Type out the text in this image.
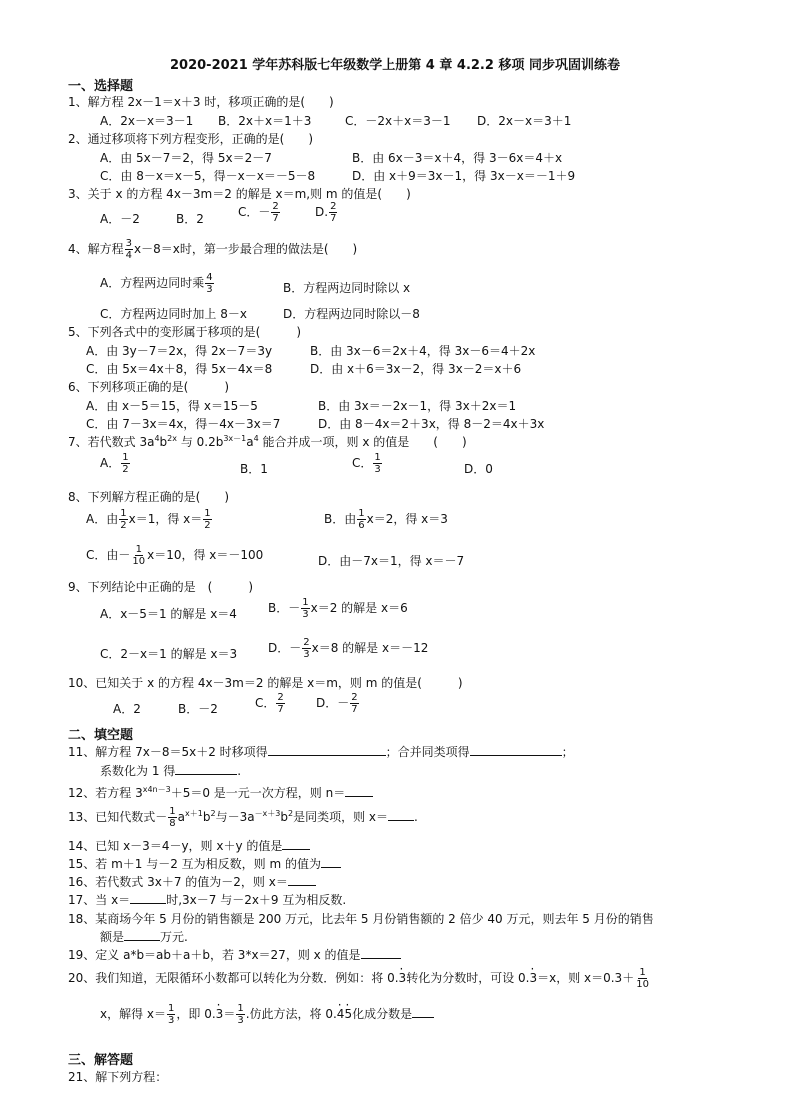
2020-2021 学年苏科版七年级数学上册第 4 章 4.2.2 移项 同步巩固训练卷
一、选择题
1、解方程 2x－1＝x＋3 时，移项正确的是(　　)
A．2x－x＝3－1 B．2x＋x＝1＋3	C．－2x＋x＝3－1 D．2x－x＝3＋1
2、通过移项将下列方程变形，正确的是(　　)
A．由 5x－7＝2，得 5x＝2－7	B．由 6x－3＝x＋4，得 3－6x＝4＋x
C．由 8－x＝x－5，得－x－x＝－5－8	D．由 x＋9＝3x－1，得 3x－x＝－1＋9
3、关于 x 的方程 4x－3m＝2 的解是 x＝m,则 m 的值是(　　)
A．－2	B．2	C．－ $\frac{2}{7}$	D. $\frac{2}{7}$
4、解方程 $\frac{3}{4} x-8=x$时，第一步最合理的做法是(　　)
A．方程两边同时乘 $\frac{4}{3}$	B．方程两边同时除以 x
C．方程两边同时加上 8－x	D．方程两边同时除以－8
5、下列各式中的变形属于移项的是(　　　)
A．由 3y－7＝2x，得 2x－7＝3y	B．由 3x－6＝2x＋4，得 3x－6＝4＋2x
C．由 5x＝4x＋8，得 5x－4x＝8	D．由 x＋6＝3x－2，得 3x－2＝x＋6
6、下列移项正确的是(　　　)
A．由 x－5＝15，得 x＝15－5	B．由 3x＝－2x－1，得 3x＋2x＝1
C．由 7－3x＝4x，得－4x－3x＝7	D．由 8－4x＝2＋3x，得 8－2＝4x＋3x
7、若代数式 $3a^4b^{2x}$ 与 $0.2b^{3x-1}a^4$ 能合并成一项，则 x 的值是　　(　　)
A． $\frac{1}{2}$	B．1	C． $\frac{1}{3}$	D．0
8、下列解方程正确的是(　　)
A．由 $\frac{1}{2} x=1$，得 $x= \frac{1}{2}$	B．由 $\frac{1}{6} x=2$，得 x＝3
C．由－ $\frac{1}{10} x=10$，得 x＝－100	D．由－7x＝1，得 x＝－7
9、下列结论中正确的是　(　　　)
A．x－5＝1 的解是 x＝4	B．－ $\frac{1}{3} x=2$ 的解是 x＝6
C．2－x＝1 的解是 x＝3	D．－ $\frac{2}{3} x=8$ 的解是 x＝－12
10、已知关于 x 的方程 4x－3m＝2 的解是 x＝m，则 m 的值是(　　　)
A．2	B．－2	C． $\frac{2}{7}$	D．－ $\frac{2}{7}$
二、填空题
11、解方程 7x－8＝5x＋2 时移项得	；合并同类项得	；
系数化为 1 得	.
12、若方程 $3^{x4n-3}+5=0$ 是一元一次方程，则 n＝
13、已知代数式－ $\frac{1}{8} a^{x+1}b^2$与$-3a^{-x+3}b^2$是同类项，则 x＝ .
14、已知 x－3＝4－y，则 x＋y 的值是
15、若 m＋1 与－2 互为相反数，则 m 的值为
16、若代数式 3x＋7 的值为－2，则 x＝
17、当 x＝	时,3x－7 与－2x＋9 互为相反数.
18、某商场今年 5 月份的销售额是 200 万元，比去年 5 月份销售额的 2 倍少 40 万元，则去年 5 月份的销售
额是	万元.
19、定义 a*b＝ab＋a＋b，若 3*x＝27，则 x 的值是
20、我们知道，无限循环小数都可以转化为分数．例如：将 0.· 3转化为分数时，可设 0.· 3＝x，则 $x=0.3+ \frac{1}{10}$
x，解得 $x= \frac{1}{3}$ ，即 $0.\cdot 3= \frac{1}{3}$ .仿此方法，将 0.· 4· 5化成分数是
三、解答题
21、解下列方程：
